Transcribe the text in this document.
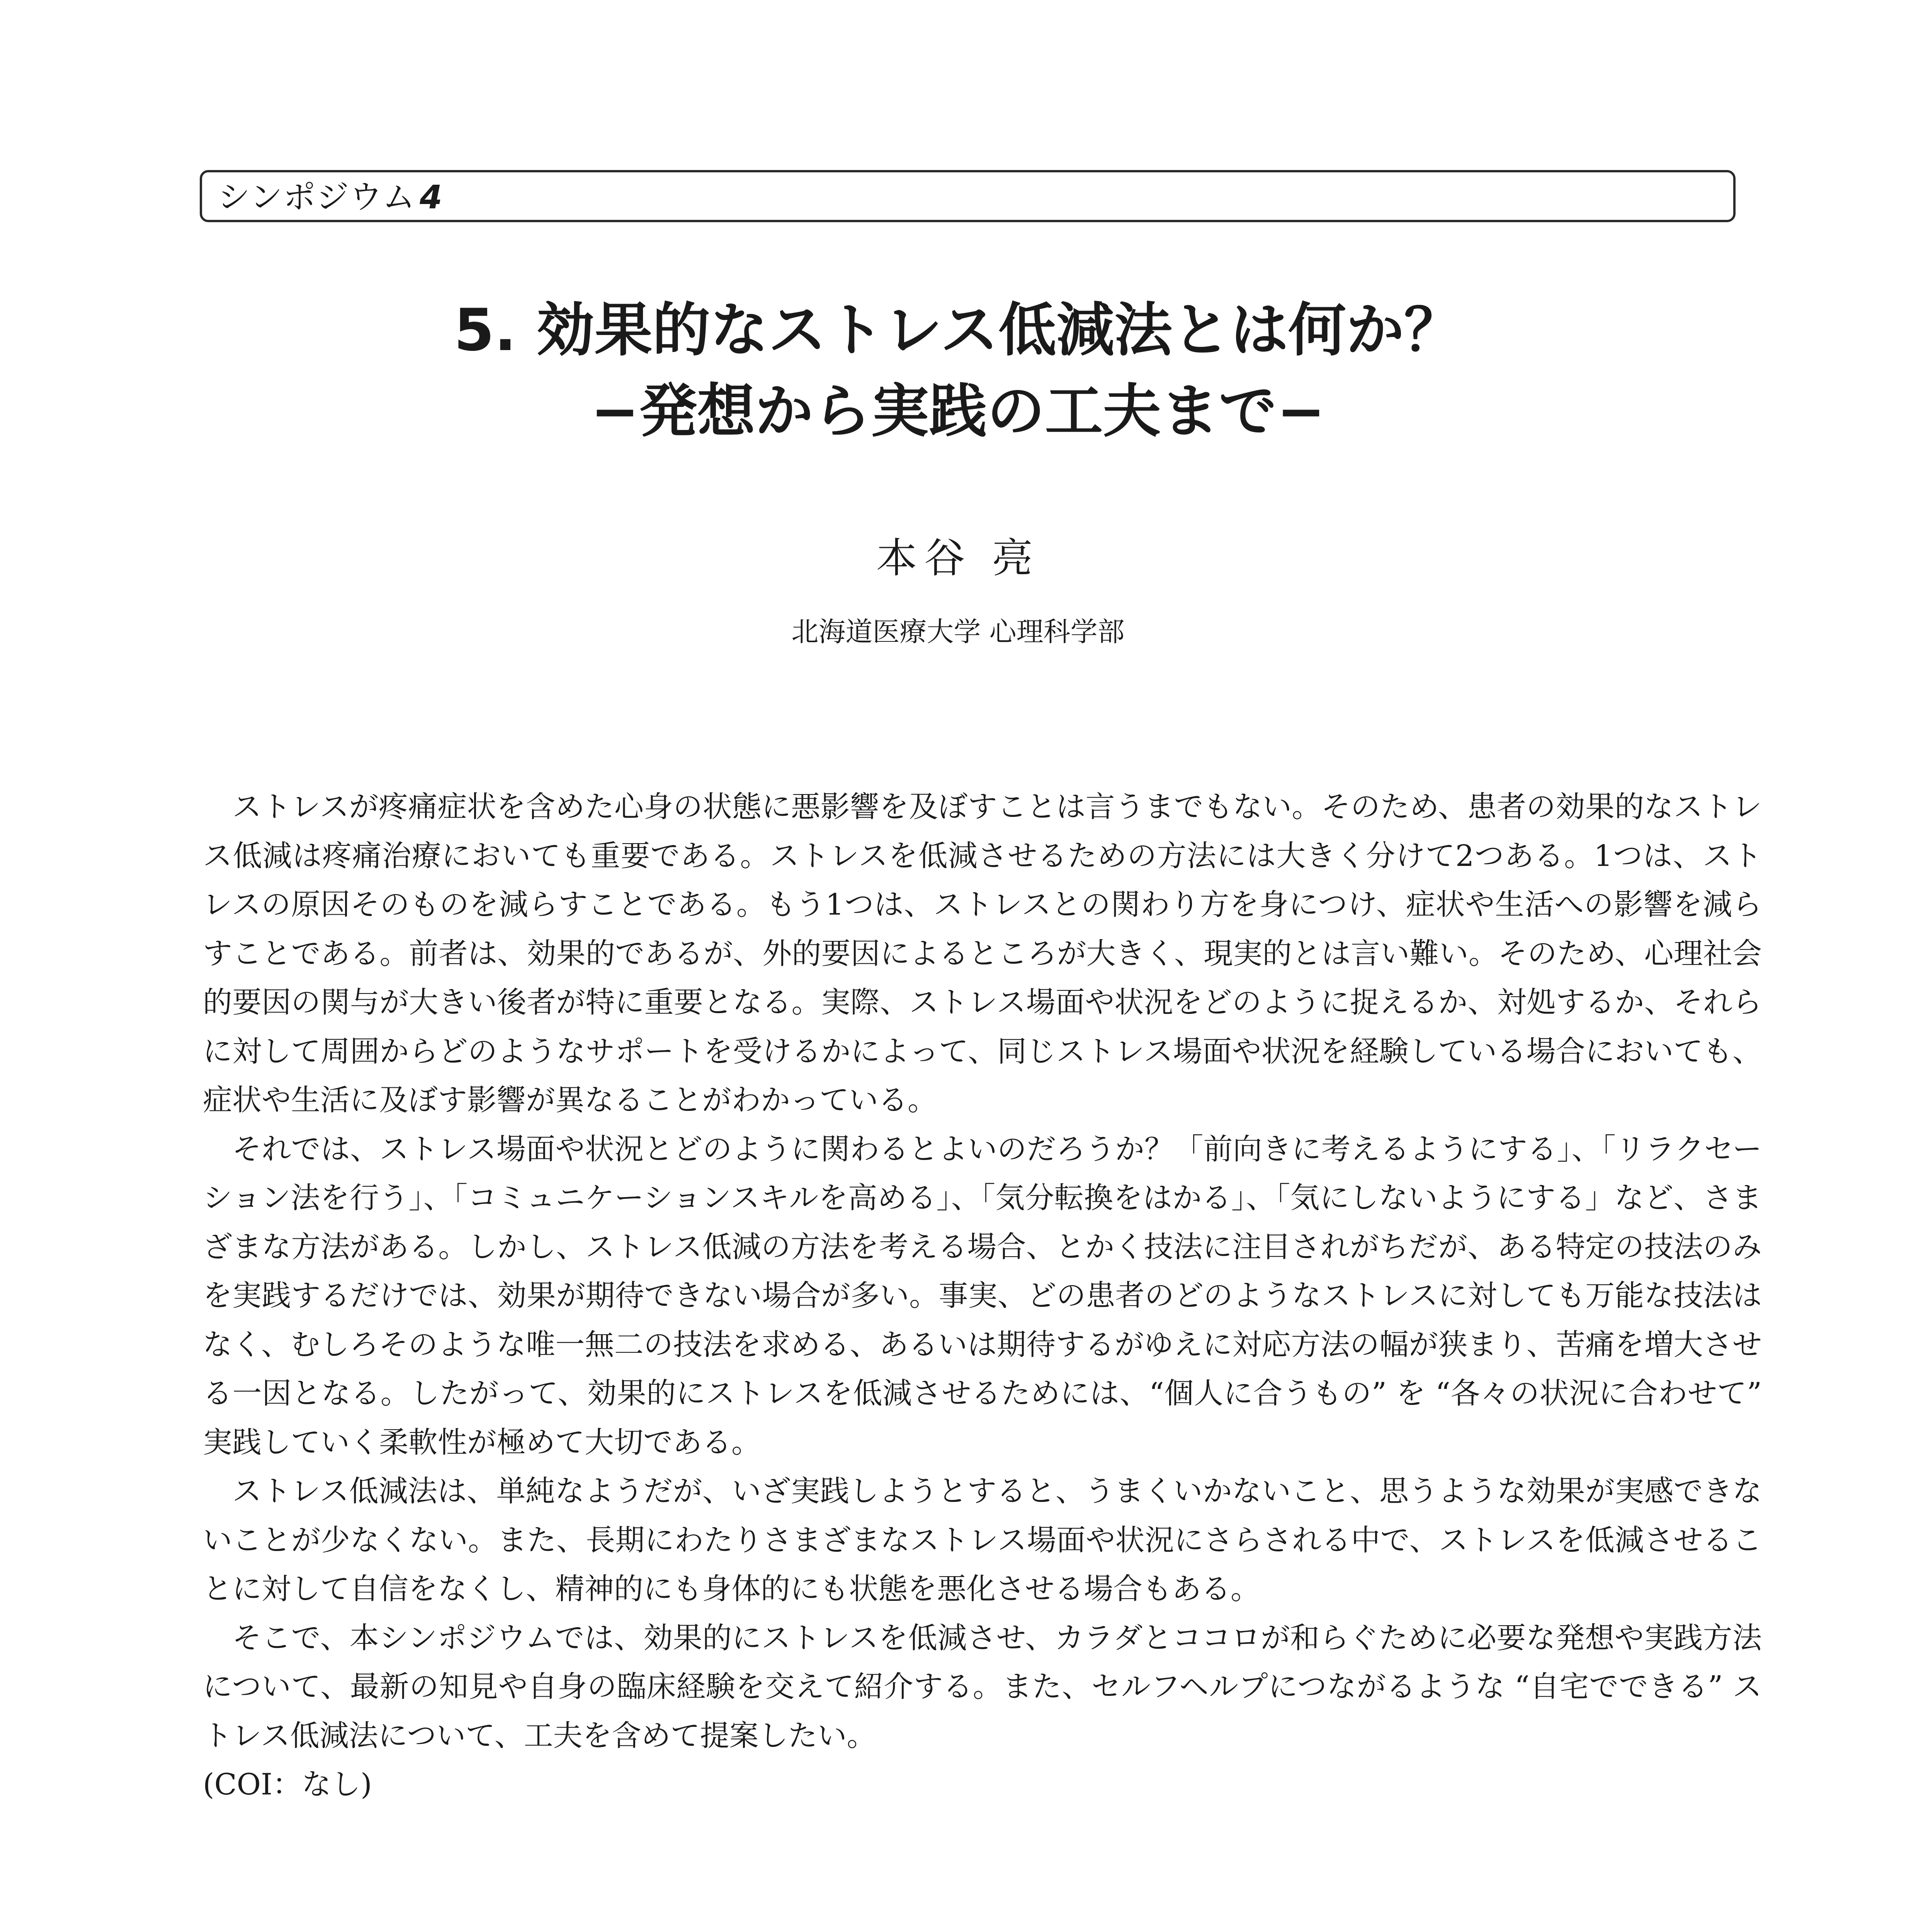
シンポジウム 4
5. 効果的なストレス低減法とは何か？
−発想から実践の工夫まで−
本谷 亮
北海道医療大学 心理科学部

ストレスが疼痛症状を含めた心身の状態に悪影響を及ぼすことは言うまでもない。そのため、患者の効果的なストレス低減は疼痛治療においても重要である。ストレスを低減させるための方法には大きく分けて2つある。1つは、ストレスの原因そのものを減らすことである。もう1つは、ストレスとの関わり方を身につけ、症状や生活への影響を減らすことである。前者は、効果的であるが、外的要因によるところが大きく、現実的とは言い難い。そのため、心理社会的要因の関与が大きい後者が特に重要となる。実際、ストレス場面や状況をどのように捉えるか、対処するか、それらに対して周囲からどのようなサポートを受けるかによって、同じストレス場面や状況を経験している場合においても、症状や生活に及ぼす影響が異なることがわかっている。

それでは、ストレス場面や状況とどのように関わるとよいのだろうか？「前向きに考えるようにする」、「リラクセーション法を行う」、「コミュニケーションスキルを高める」、「気分転換をはかる」、「気にしないようにする」など、さまざまな方法がある。しかし、ストレス低減の方法を考える場合、とかく技法に注目されがちだが、ある特定の技法のみを実践するだけでは、効果が期待できない場合が多い。事実、どの患者のどのようなストレスに対しても万能な技法はなく、むしろそのような唯一無二の技法を求める、あるいは期待するがゆえに対応方法の幅が狭まり、苦痛を増大させる一因となる。したがって、効果的にストレスを低減させるためには、“個人に合うもの” を “各々の状況に合わせて” 実践していく柔軟性が極めて大切である。

ストレス低減法は、単純なようだが、いざ実践しようとすると、うまくいかないこと、思うような効果が実感できないことが少なくない。また、長期にわたりさまざまなストレス場面や状況にさらされる中で、ストレスを低減させることに対して自信をなくし、精神的にも身体的にも状態を悪化させる場合もある。

そこで、本シンポジウムでは、効果的にストレスを低減させ、カラダとココロが和らぐために必要な発想や実践方法について、最新の知見や自身の臨床経験を交えて紹介する。また、セルフヘルプにつながるような “自宅でできる” ストレス低減法について、工夫を含めて提案したい。

(COI：なし)
